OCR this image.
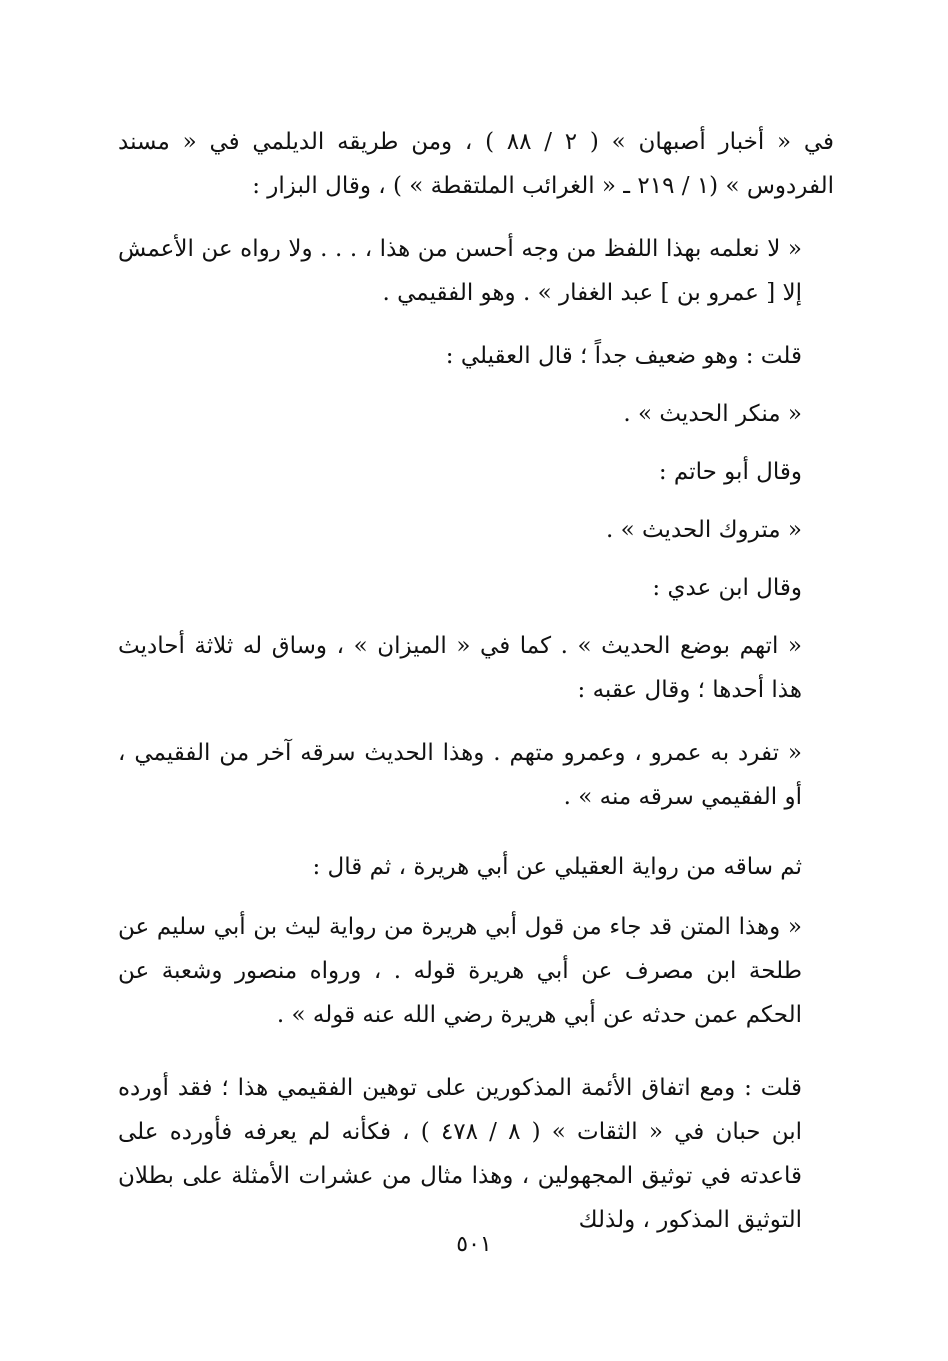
في « أخبار أصبهان » ( ٢ / ٨٨ ) ، ومن طريقه الديلمي في « مسند الفردوس » (١ / ٢١٩ ـ « الغرائب الملتقطة » ) ، وقال البزار :

« لا نعلمه بهذا اللفظ من وجه أحسن من هذا ، . . . ولا رواه عن الأعمش إلا [ عمرو بن ] عبد الغفار » . وهو الفقيمي .

قلت : وهو ضعيف جداً ؛ قال العقيلي :

« منكر الحديث » .

وقال أبو حاتم :

« متروك الحديث » .

وقال ابن عدي :

« اتهم بوضع الحديث » . كما في « الميزان » ، وساق له ثلاثة أحاديث هذا أحدها ؛ وقال عقبه :

« تفرد به عمرو ، وعمرو متهم . وهذا الحديث سرقه آخر من الفقيمي ، أو الفقيمي سرقه منه » .

ثم ساقه من رواية العقيلي عن أبي هريرة ، ثم قال :

« وهذا المتن قد جاء من قول أبي هريرة من رواية ليث بن أبي سليم عن طلحة ابن مصرف عن أبي هريرة قوله . ، ورواه منصور وشعبة عن الحكم عمن حدثه عن أبي هريرة رضي الله عنه قوله » .

قلت : ومع اتفاق الأئمة المذكورين على توهين الفقيمي هذا ؛ فقد أورده ابن حبان في « الثقات » ( ٨ / ٤٧٨ ) ، فكأنه لم يعرفه فأورده على قاعدته في توثيق المجهولين ، وهذا مثال من عشرات الأمثلة على بطلان التوثيق المذكور ، ولذلك

٥٠١
